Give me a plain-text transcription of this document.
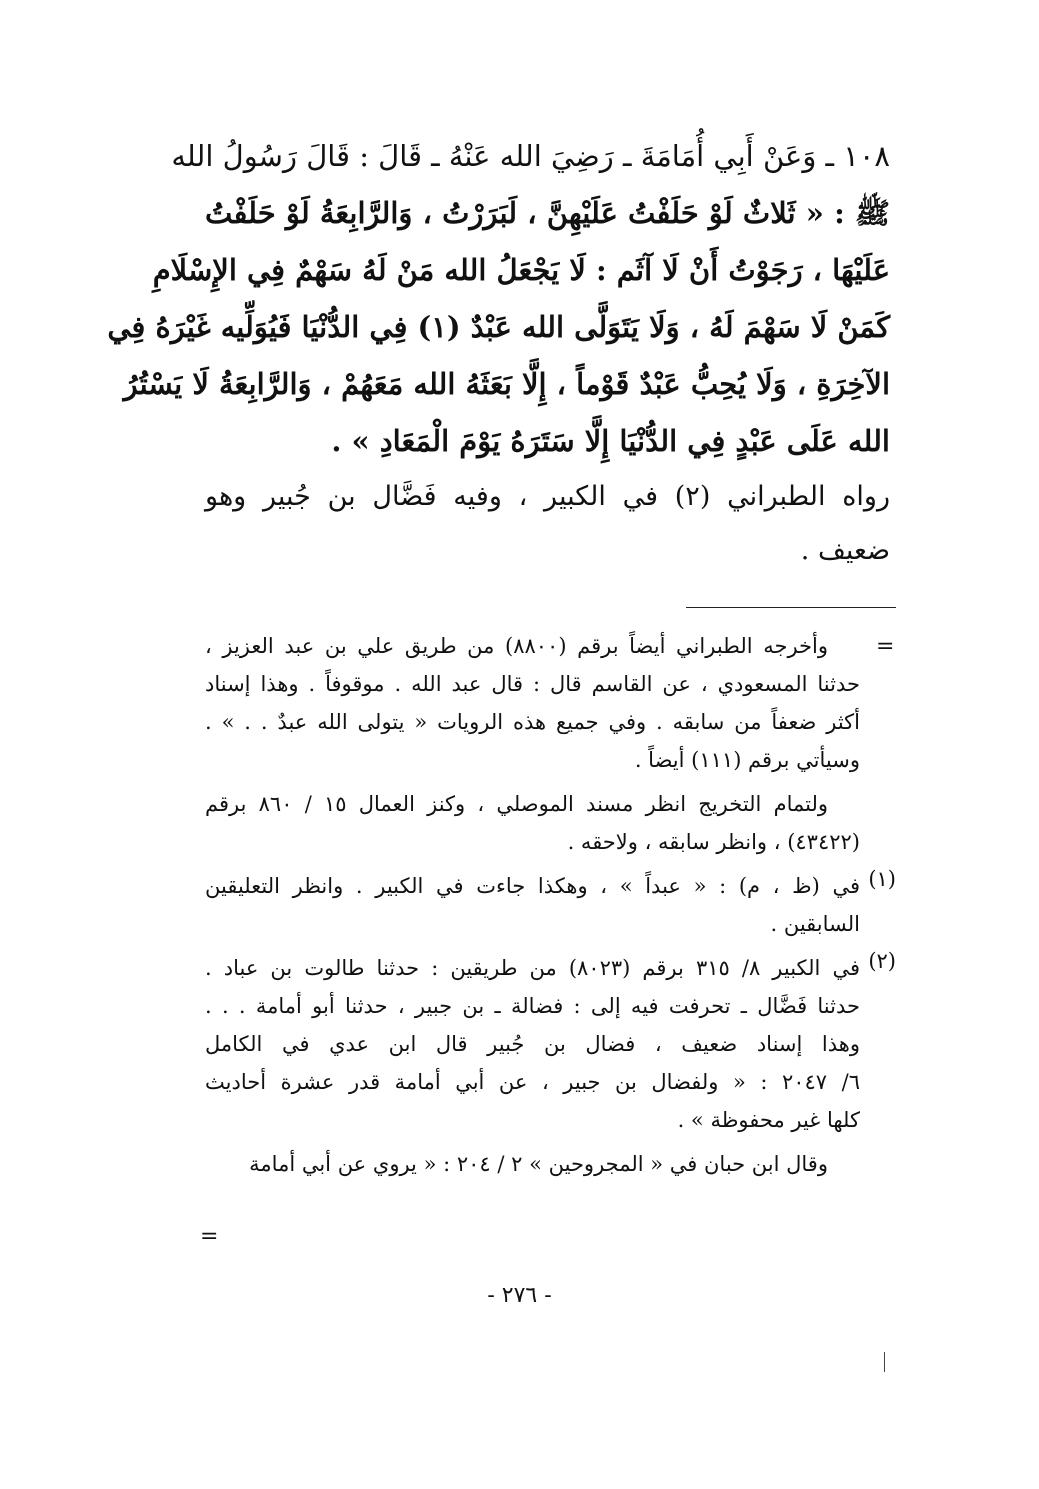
١٠٨ ـ وَعَنْ أَبِي أُمَامَةَ ـ رَضِيَ الله عَنْهُ ـ قَالَ : قَالَ رَسُولُ الله
ﷺ : « ثَلاثٌ لَوْ حَلَفْتُ عَلَيْهِنَّ ، لَبَرَرْتُ ، وَالرَّابِعَةُ لَوْ حَلَفْتُ
عَلَيْهَا ، رَجَوْتُ أَنْ لَا آثَم : لَا يَجْعَلُ الله مَنْ لَهُ سَهْمٌ فِي الإِسْلَامِ
كَمَنْ لَا سَهْمَ لَهُ ، وَلَا يَتَوَلَّى الله عَبْدٌ (١) فِي الدُّنْيَا فَيُوَلِّيه غَيْرَهُ فِي
الآخِرَةِ ، وَلَا يُحِبُّ عَبْدٌ قَوْماً ، إِلَّا بَعَثَهُ الله مَعَهُمْ ، وَالرَّابِعَةُ لَا يَسْتُرُ
الله عَلَى عَبْدٍ فِي الدُّنْيَا إِلَّا سَتَرَهُ يَوْمَ الْمَعَادِ » .
رواه الطبراني (٢) في الكبير ، وفيه فَضَّال بن جُبير وهو
ضعيف .
=
وأخرجه الطبراني أيضاً برقم (٨٨٠٠) من طريق علي بن عبد العزيز ،
حدثنا المسعودي ، عن القاسم قال : قال عبد الله . موقوفاً . وهذا إسناد
أكثر ضعفاً من سابقه . وفي جميع هذه الرويات « يتولى الله عبدٌ . . » .
وسيأتي برقم (١١١) أيضاً .
ولتمام التخريج انظر مسند الموصلي ، وكنز العمال ١٥ / ٨٦٠ برقم
(٤٣٤٢٢) ، وانظر سابقه ، ولاحقه .
(١)
في (ظ ، م) : « عبداً » ، وهكذا جاءت في الكبير . وانظر التعليقين
السابقين .
(٢)
في الكبير ٨/ ٣١٥ برقم (٨٠٢٣) من طريقين : حدثنا طالوت بن عباد .
حدثنا فَضَّال ـ تحرفت فيه إلى : فضالة ـ بن جبير ، حدثنا أبو أمامة . . .
وهذا إسناد ضعيف ، فضال بن جُبير قال ابن عدي في الكامل
٦/ ٢٠٤٧ : « ولفضال بن جبير ، عن أبي أمامة قدر عشرة أحاديث
كلها غير محفوظة » .
وقال ابن حبان في « المجروحين » ٢ / ٢٠٤ : « يروي عن أبي أمامة
=
- ٢٧٦ -
